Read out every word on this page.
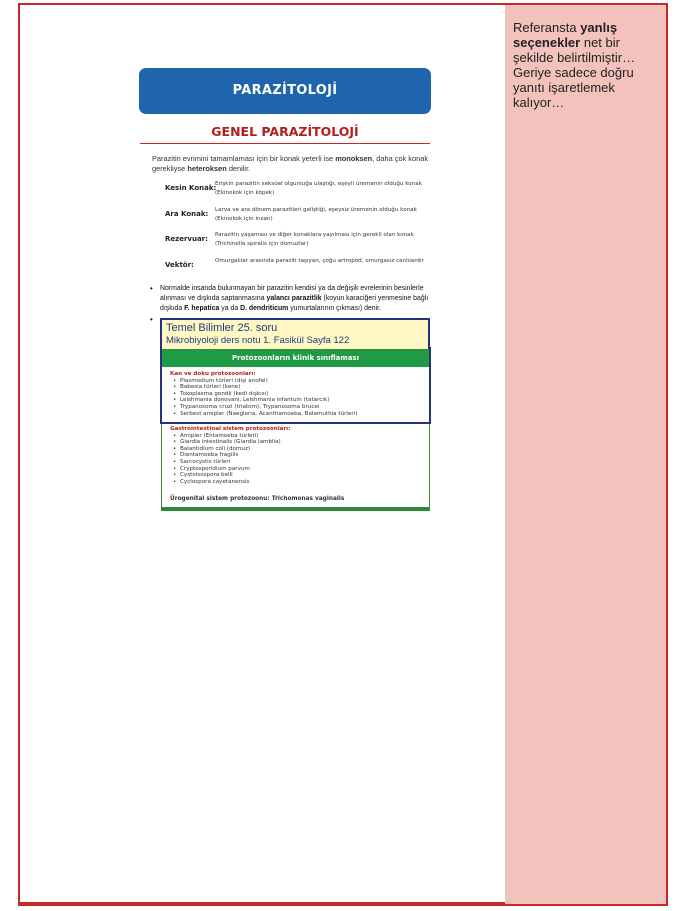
Referansta yanlış seçenekler net bir şekilde belirtilmiştir… Geriye sadece doğru yanıtı işaretlemek kalıyor…
PARAZİTOLOJİ
GENEL PARAZİTOLOJİ
Parazitin evrimini tamamlaması için bir konak yeterli ise monoksen, daha çok konak gerekliyse heteroksen denilir.
Kesin Konak:
Erişkin parazitin seksüel olgunluğa ulaştığı, eşeyli üremenin olduğu konak (Ekinokok için köpek)
Ara Konak: Larva ve ara dönem parazitleri geliştiği, eşeysiz üremenin olduğu konak (Ekinokok için insan)
Rezervuar: Parazitin yaşaması ve diğer konaklara yayılması için gerekli olan konak (Trichinella spiralis için domuzlar)
Vektör:	Omurgalılar arasında paraziti taşıyan, çoğu artropod, omurgasız canlılardır
• Normalde insanda bulunmayan bir parazitin kendisi ya da değişik evrelerinin besinlerle alınması ve dışkıda saptanmasına yalancı parazitlik (koyun karaciğeri yenmesine bağlı dışkıda F. hepatica ya da D. dendriticum yumurtalarının çıkması) denir.
•
Temel Bilimler 25. soru
Mikrobiyoloji ders notu 1. Fasikül Sayfa 122
Protozoonların klinik sınıflaması
Kan ve doku protozoonları:
• Plasmodium türleri (dişi anofel)
• Babesia türleri (kene)
• Toxoplasma gondii (kedi dışkısı)
• Leishmania donovani, Leishmania infantum (tatarcık)
• Trypanosoma cruzi (triatom), Trypanosoma brucei
• Serbest amipler (Naegleria, Acanthamoeba, Balamuthia türleri)
Gastrointestinal sistem protozoonları:
• Amipler (Entamoeba türleri)
• Giardia intestinalis (Giardia lamblia)
• Balantidium coli (domuz)
• Dientamoeba fragilis
• Sarcocystis türleri
• Cryptosporidium parvum
• Cystoisospora belli
• Cyclospora cayetanensis
Ürogenital sistem protozoonu: Trichomonas vaginalis
